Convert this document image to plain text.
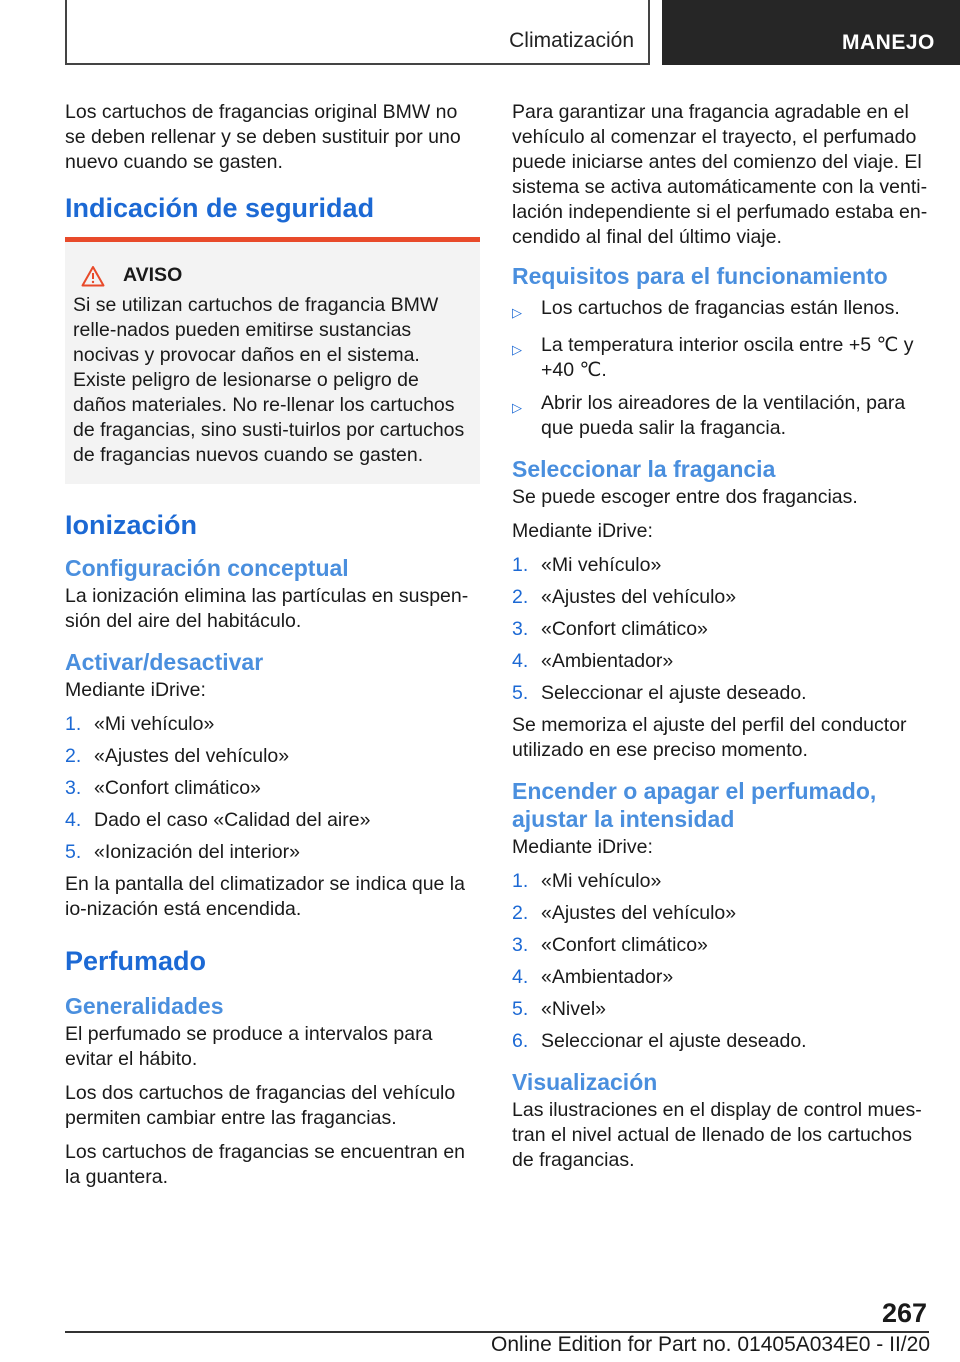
Climatización	MANEJO

Los cartuchos de fragancias original BMW no se deben rellenar y se deben sustituir por uno nuevo cuando se gasten.

Indicación de seguridad
AVISO

Si se utilizan cartuchos de fragancia BMW relle-nados pueden emitirse sustancias nocivas y provocar daños en el sistema. Existe peligro de lesionarse o peligro de daños materiales. No re-llenar los cartuchos de fragancias, sino susti-tuirlos por cartuchos de fragancias nuevos cuando se gasten.

Ionización
Configuración conceptual

La ionización elimina las partículas en suspen-sión del aire del habitáculo.

Activar/desactivar

Mediante iDrive:

1. «Mi vehículo»
2. «Ajustes del vehículo»
3. «Confort climático»
4. Dado el caso «Calidad del aire»
5. «Ionización del interior»

En la pantalla del climatizador se indica que la io-nización está encendida.

Perfumado
Generalidades

El perfumado se produce a intervalos para evitar el hábito.

Los dos cartuchos de fragancias del vehículo permiten cambiar entre las fragancias.

Los cartuchos de fragancias se encuentran en la guantera.

Para garantizar una fragancia agradable en el vehículo al comenzar el trayecto, el perfumado puede iniciarse antes del comienzo del viaje. El sistema se activa automáticamente con la venti-lación independiente si el perfumado estaba en-cendido al final del último viaje.

Requisitos para el funcionamiento
▷ Los cartuchos de fragancias están llenos.
▷ La temperatura interior oscila entre +5 ℃ y +40 ℃.
▷ Abrir los aireadores de la ventilación, para que pueda salir la fragancia.
Seleccionar la fragancia

Se puede escoger entre dos fragancias.

Mediante iDrive:

1. «Mi vehículo»
2. «Ajustes del vehículo»
3. «Confort climático»
4. «Ambientador»
5. Seleccionar el ajuste deseado.

Se memoriza el ajuste del perfil del conductor utilizado en ese preciso momento.

Encender o apagar el perfumado, ajustar la intensidad

Mediante iDrive:

1. «Mi vehículo»
2. «Ajustes del vehículo»
3. «Confort climático»
4. «Ambientador»
5. «Nivel»
6. Seleccionar el ajuste deseado.
Visualización

Las ilustraciones en el display de control mues-tran el nivel actual de llenado de los cartuchos de fragancias.

267
Online Edition for Part no. 01405A034E0 - II/20
